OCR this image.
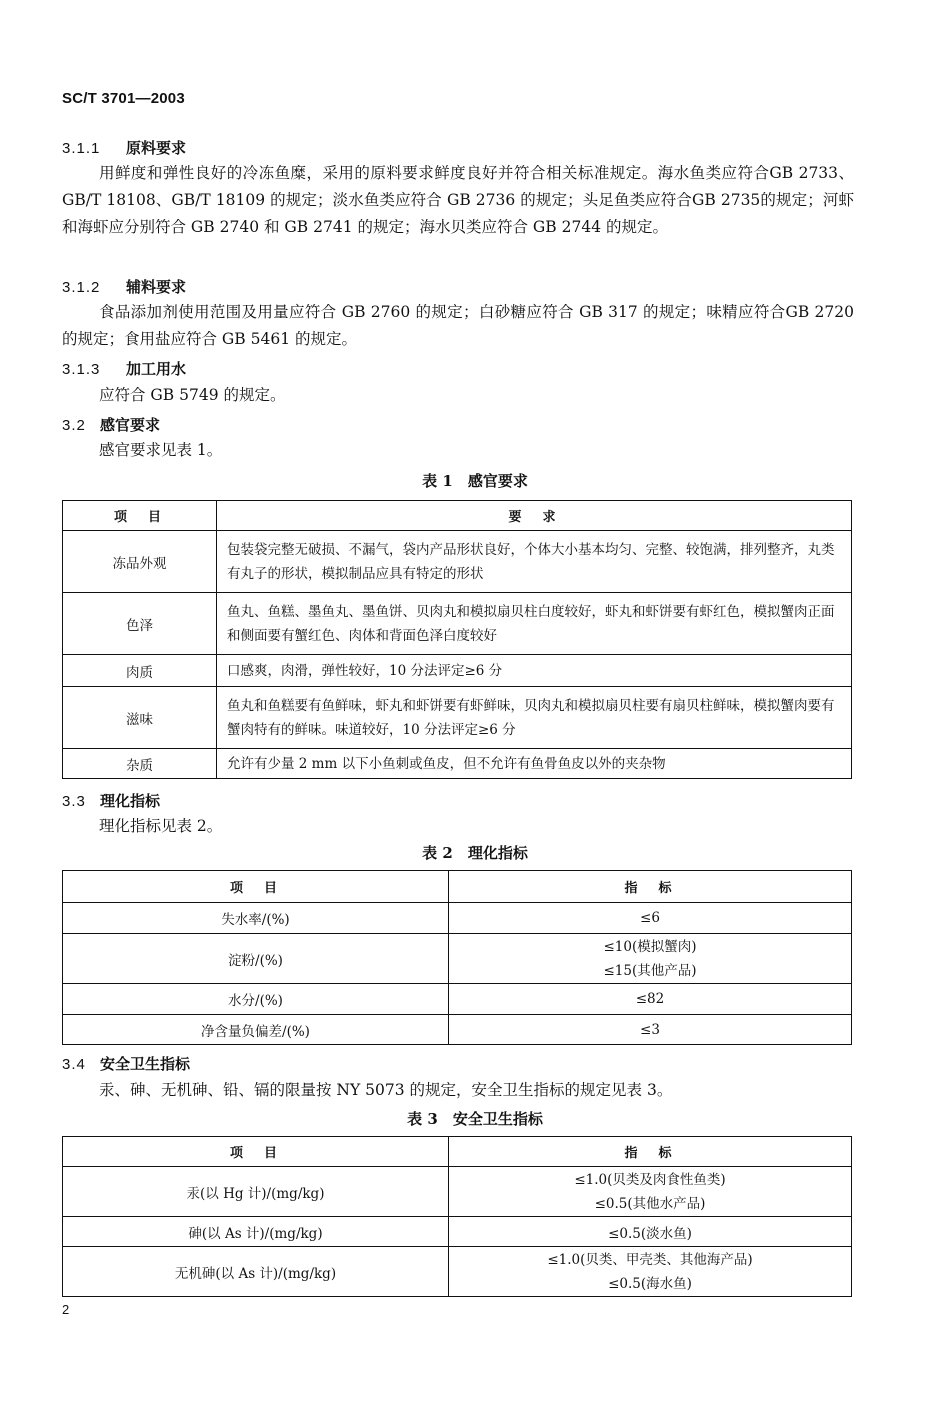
SC/T 3701—2003
3.1.1 原料要求
用鲜度和弹性良好的冷冻鱼糜，采用的原料要求鲜度良好并符合相关标准规定。海水鱼类应符合GB 2733、GB/T 18108、GB/T 18109 的规定；淡水鱼类应符合 GB 2736 的规定；头足鱼类应符合GB 2735的规定；河虾和海虾应分别符合 GB 2740 和 GB 2741 的规定；海水贝类应符合 GB 2744 的规定。
3.1.2 辅料要求
食品添加剂使用范围及用量应符合 GB 2760 的规定；白砂糖应符合 GB 317 的规定；味精应符合GB 2720 的规定；食用盐应符合 GB 5461 的规定。
3.1.3 加工用水
应符合 GB 5749 的规定。
3.2 感官要求
感官要求见表 1。
表 1　感官要求
项　目	要　求
冻品外观	包装袋完整无破损、不漏气，袋内产品形状良好，个体大小基本均匀、完整、较饱满，排列整齐，丸类有丸子的形状，模拟制品应具有特定的形状
色泽	鱼丸、鱼糕、墨鱼丸、墨鱼饼、贝肉丸和模拟扇贝柱白度较好，虾丸和虾饼要有虾红色，模拟蟹肉正面和侧面要有蟹红色、肉体和背面色泽白度较好
肉质	口感爽，肉滑，弹性较好，10 分法评定≥6 分
滋味	鱼丸和鱼糕要有鱼鲜味，虾丸和虾饼要有虾鲜味，贝肉丸和模拟扇贝柱要有扇贝柱鲜味，模拟蟹肉要有蟹肉特有的鲜味。味道较好，10 分法评定≥6 分
杂质	允许有少量 2 mm 以下小鱼刺或鱼皮，但不允许有鱼骨鱼皮以外的夹杂物
3.3 理化指标
理化指标见表 2。
表 2　理化指标
项　目	指　标
失水率/(%)	≤6
淀粉/(%)	≤10(模拟蟹肉)
≤15(其他产品)

水分/(%)	≤82
净含量负偏差/(%)	≤3
3.4 安全卫生指标
汞、砷、无机砷、铅、镉的限量按 NY 5073 的规定，安全卫生指标的规定见表 3。
表 3　安全卫生指标
项　目	指　标
汞(以 Hg 计)/(mg/kg)	≤1.0(贝类及肉食性鱼类)
≤0.5(其他水产品)

砷(以 As 计)/(mg/kg)	≤0.5(淡水鱼)
无机砷(以 As 计)/(mg/kg)	≤1.0(贝类、甲壳类、其他海产品)
≤0.5(海水鱼)
2
